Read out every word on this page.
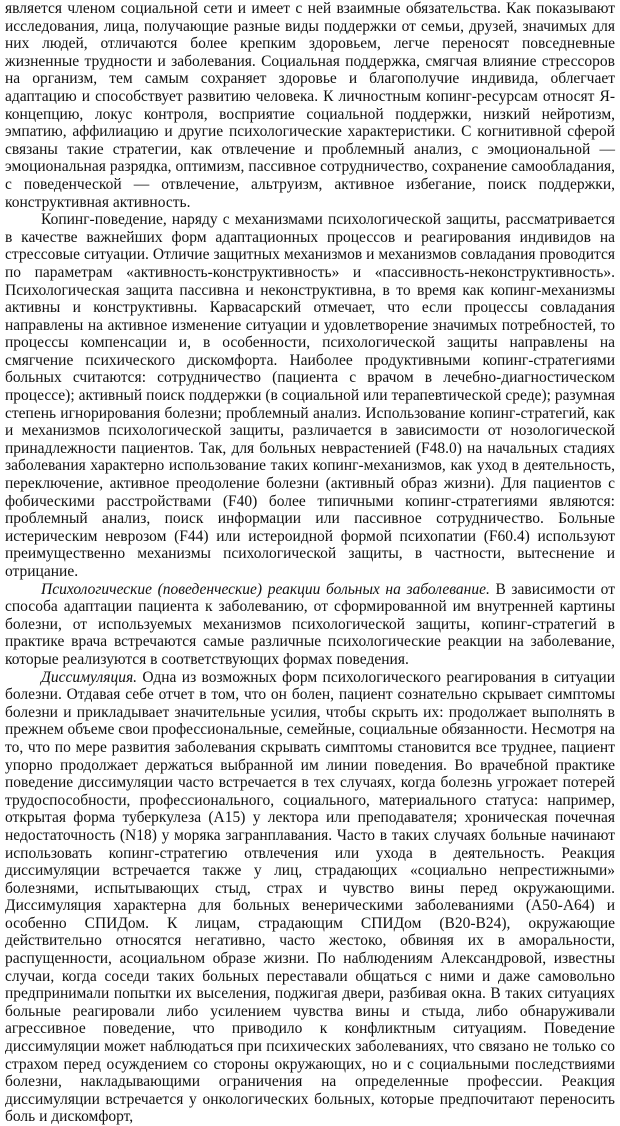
является членом социальной сети и имеет с ней взаимные обязательства. Как показывают исследования, лица, получающие разные виды поддержки от семьи, друзей, значимых для них людей, отличаются более крепким здоровьем, легче переносят повседневные жизненные трудности и заболевания. Социальная поддержка, смягчая влияние стрессоров на организм, тем самым сохраняет здоровье и благополучие индивида, облегчает адаптацию и способствует развитию человека. К личностным копинг-ресурсам относят Я-концепцию, локус контроля, восприятие социальной поддержки, низкий нейротизм, эмпатию, аффилиацию и другие психологические характеристики. С когнитивной сферой связаны такие стратегии, как отвлечение и проблемный анализ, с эмоциональной — эмоциональная разрядка, оптимизм, пассивное сотрудничество, сохранение самообладания, с поведенческой — отвлечение, альтруизм, активное избегание, поиск поддержки, конструктивная активность.

Копинг-поведение, наряду с механизмами психологической защиты, рассматривается в качестве важнейших форм адаптационных процессов и реагирования индивидов на стрессовые ситуации. Отличие защитных механизмов и механизмов совладания проводится по параметрам «активность-конструктивность» и «пассивность-неконструктивность». Психологическая защита пассивна и неконструктивна, в то время как копинг-механизмы активны и конструктивны. Карвасарский отмечает, что если процессы совладания направлены на активное изменение ситуации и удовлетворение значимых потребностей, то процессы компенсации и, в особенности, психологической защиты направлены на смягчение психического дискомфорта. Наиболее продуктивными копинг-стратегиями больных считаются: сотрудничество (пациента с врачом в лечебно-диагностическом процессе); активный поиск поддержки (в социальной или терапевтической среде); разумная степень игнорирования болезни; проблемный анализ. Использование копинг-стратегий, как и механизмов психологической защиты, различается в зависимости от нозологической принадлежности пациентов. Так, для больных неврастенией (F48.0) на начальных стадиях заболевания характерно использование таких копинг-механизмов, как уход в деятельность, переключение, активное преодоление болезни (активный образ жизни). Для пациентов с фобическими расстройствами (F40) более типичными копинг-стратегиями являются: проблемный анализ, поиск информации или пассивное сотрудничество. Больные истерическим неврозом (F44) или истероидной формой психопатии (F60.4) используют преимущественно механизмы психологической защиты, в частности, вытеснение и отрицание.

Психологические (поведенческие) реакции больных на заболевание. В зависимости от способа адаптации пациента к заболеванию, от сформированной им внутренней картины болезни, от используемых механизмов психологической защиты, копинг-стратегий в практике врача встречаются самые различные психологические реакции на заболевание, которые реализуются в соответствующих формах поведения.

Диссимуляция. Одна из возможных форм психологического реагирования в ситуации болезни. Отдавая себе отчет в том, что он болен, пациент сознательно скрывает симптомы болезни и прикладывает значительные усилия, чтобы скрыть их: продолжает выполнять в прежнем объеме свои профессиональные, семейные, социальные обязанности. Несмотря на то, что по мере развития заболевания скрывать симптомы становится все труднее, пациент упорно продолжает держаться выбранной им линии поведения. Во врачебной практике поведение диссимуляции часто встречается в тех случаях, когда болезнь угрожает потерей трудоспособности, профессионального, социального, материального статуса: например, открытая форма туберкулеза (А15) у лектора или преподавателя; хроническая почечная недостаточность (N18) у моряка загранплавания. Часто в таких случаях больные начинают использовать копинг-стратегию отвлечения или ухода в деятельность. Реакция диссимуляции встречается также у лиц, страдающих «социально непрестижными» болезнями, испытывающих стыд, страх и чувство вины перед окружающими. Диссимуляция характерна для больных венерическими заболеваниями (А50-А64) и особенно СПИДом. К лицам, страдающим СПИДом (В20-В24), окружающие действительно относятся негативно, часто жестоко, обвиняя их в аморальности, распущенности, асоциальном образе жизни. По наблюдениям Александровой, известны случаи, когда соседи таких больных переставали общаться с ними и даже самовольно предпринимали попытки их выселения, поджигая двери, разбивая окна. В таких ситуациях больные реагировали либо усилением чувства вины и стыда, либо обнаруживали агрессивное поведение, что приводило к конфликтным ситуациям. Поведение диссимуляции может наблюдаться при психических заболеваниях, что связано не только со страхом перед осуждением со стороны окружающих, но и с социальными последствиями болезни, накладывающими ограничения на определенные профессии. Реакция диссимуляции встречается у онкологических больных, которые предпочитают переносить боль и дискомфорт,
